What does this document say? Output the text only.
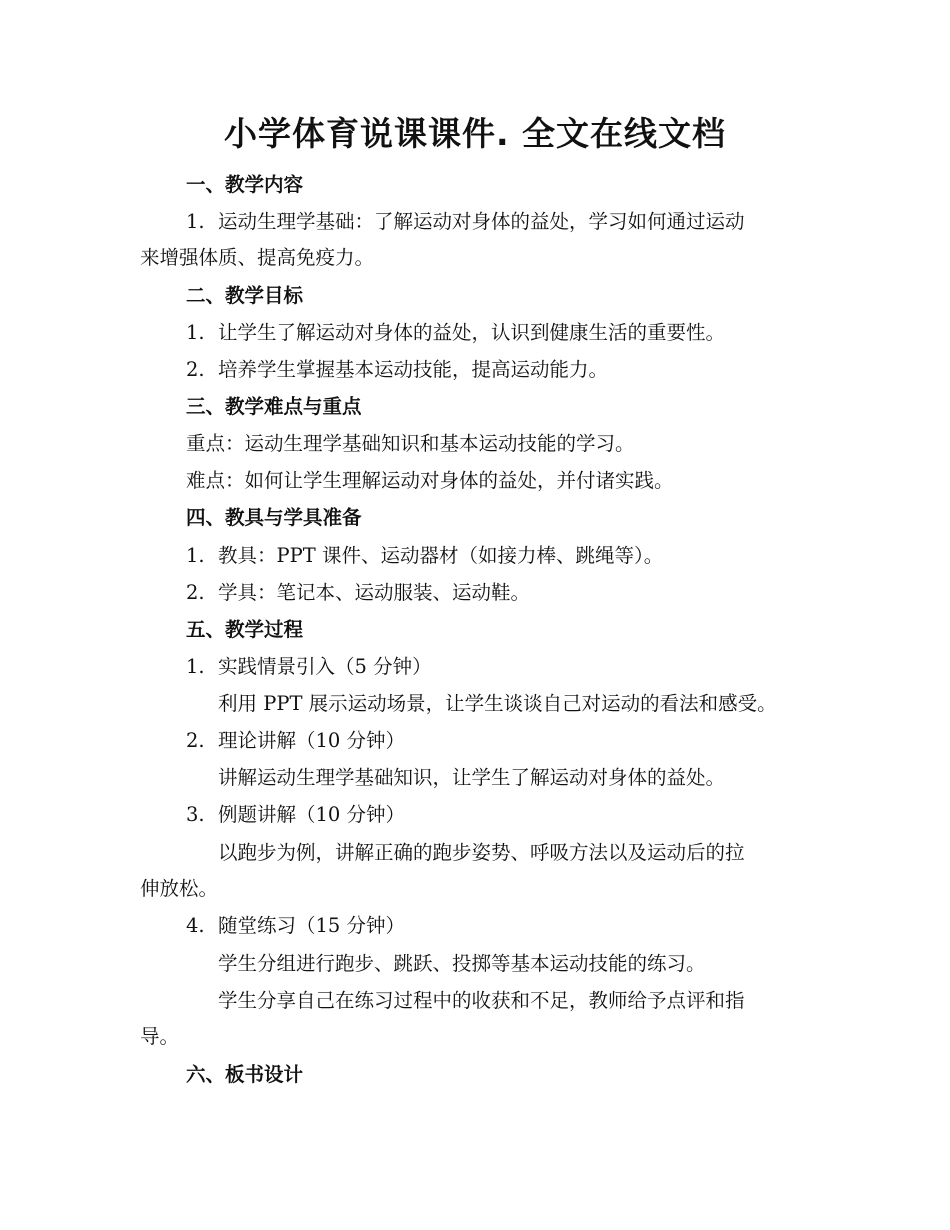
小学体育说课课件. 全文在线文档
一、教学内容
1. 运动生理学基础：了解运动对身体的益处，学习如何通过运动
来增强体质、提高免疫力。
二、教学目标
1. 让学生了解运动对身体的益处，认识到健康生活的重要性。
2. 培养学生掌握基本运动技能，提高运动能力。
三、教学难点与重点
重点：运动生理学基础知识和基本运动技能的学习。
难点：如何让学生理解运动对身体的益处，并付诸实践。
四、教具与学具准备
1. 教具：PPT 课件、运动器材（如接力棒、跳绳等）。
2. 学具：笔记本、运动服装、运动鞋。
五、教学过程
1. 实践情景引入（5 分钟）
利用 PPT 展示运动场景，让学生谈谈自己对运动的看法和感受。
2. 理论讲解（10 分钟）
讲解运动生理学基础知识，让学生了解运动对身体的益处。
3. 例题讲解（10 分钟）
以跑步为例，讲解正确的跑步姿势、呼吸方法以及运动后的拉
伸放松。
4. 随堂练习（15 分钟）
学生分组进行跑步、跳跃、投掷等基本运动技能的练习。
学生分享自己在练习过程中的收获和不足，教师给予点评和指
导。
六、板书设计
